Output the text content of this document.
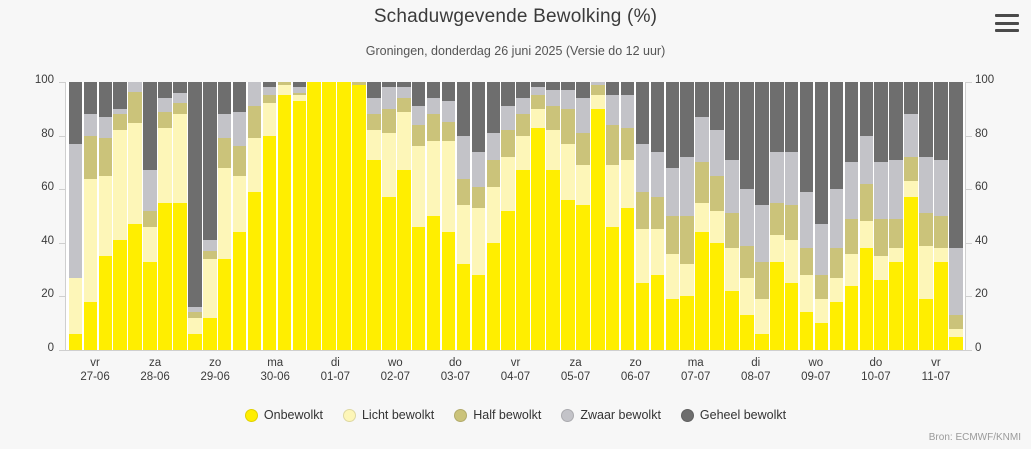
Schaduwgevende Bewolking (%)
Groningen, donderdag 26 juni 2025 (Versie do 12 uur)
vr
27-06
za
28-06
zo
29-06
ma
30-06
di
01-07
wo
02-07
do
03-07
vr
04-07
za
05-07
zo
06-07
ma
07-07
di
08-07
wo
09-07
do
10-07
vr
11-07
Onbewolkt	Licht bewolkt	Half bewolkt	Zwaar bewolkt	Geheel bewolkt
Bron: ECMWF/KNMI
0	0
20	20
40	40
60	60
80	80
100	100
